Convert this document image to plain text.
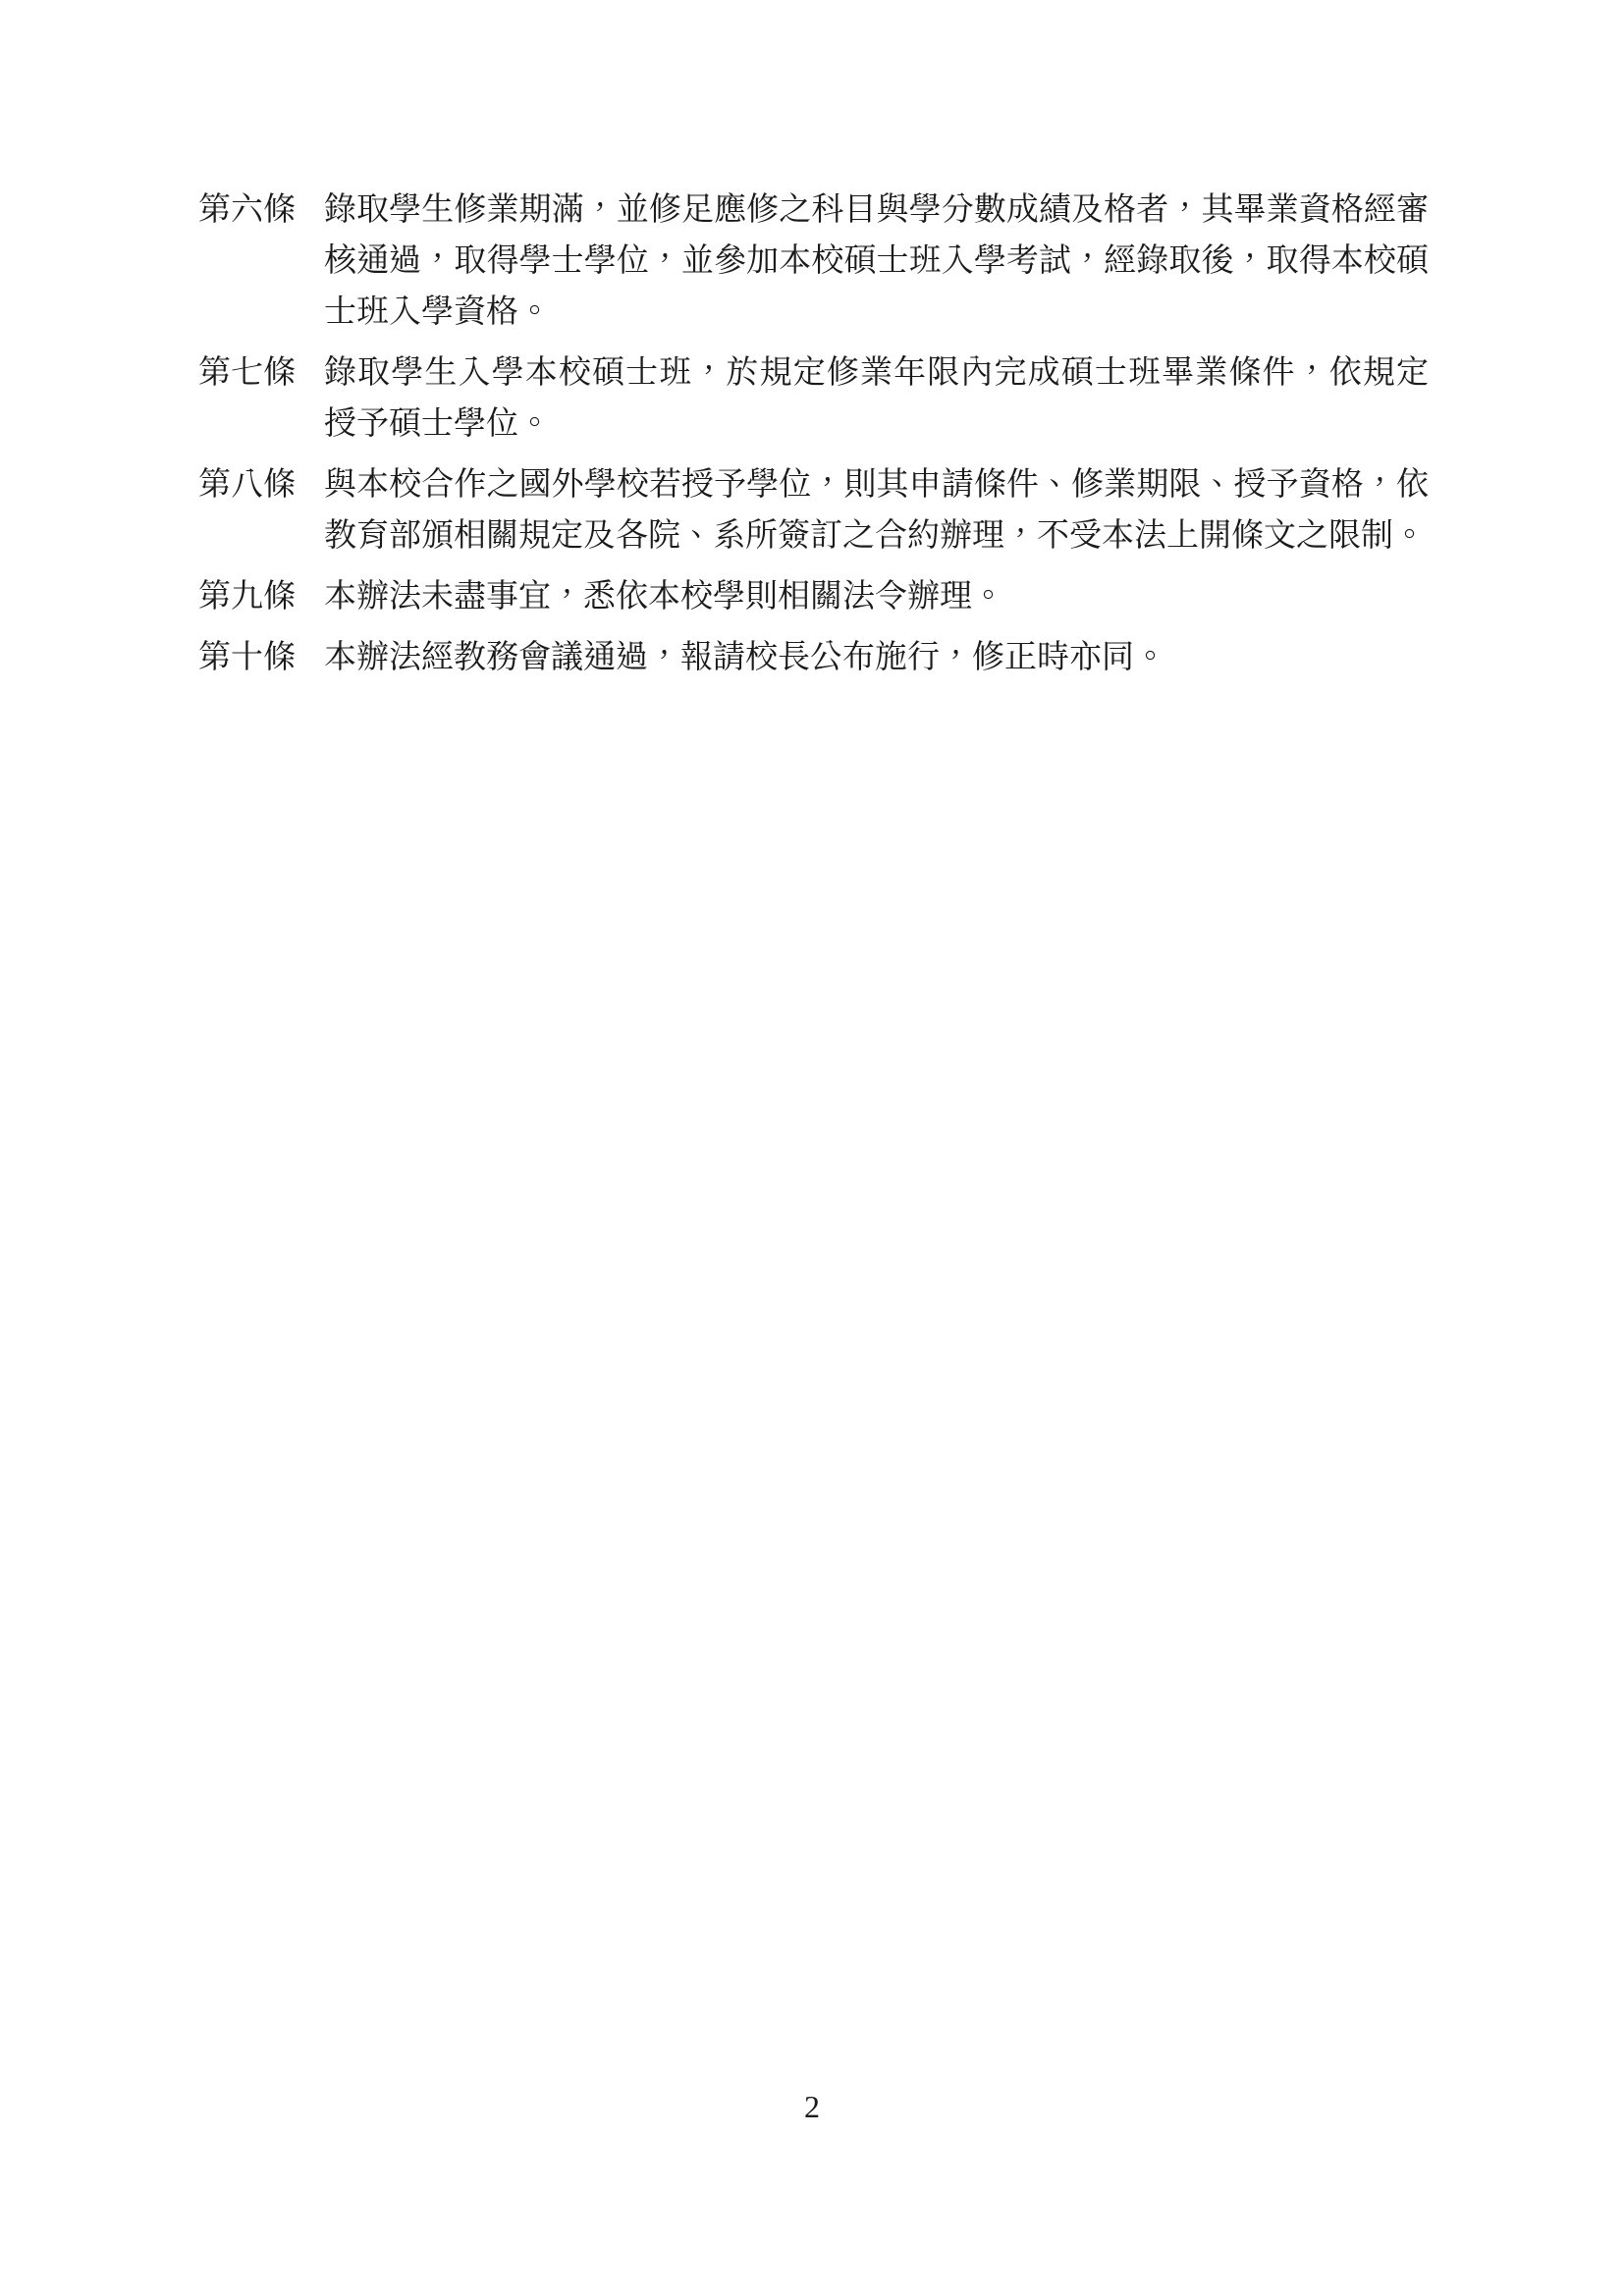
第六條 錄取學生修業期滿，並修足應修之科目與學分數成績及格者，其畢業資格經審
核通過，取得學士學位，並參加本校碩士班入學考試，經錄取後，取得本校碩
士班入學資格。
第七條 錄取學生入學本校碩士班，於規定修業年限內完成碩士班畢業條件，依規定
授予碩士學位。
第八條 與本校合作之國外學校若授予學位，則其申請條件、修業期限、授予資格，依
教育部頒相關規定及各院、系所簽訂之合約辦理，不受本法上開條文之限制。
第九條 本辦法未盡事宜，悉依本校學則相關法令辦理。
第十條 本辦法經教務會議通過，報請校長公布施行，修正時亦同。
2
